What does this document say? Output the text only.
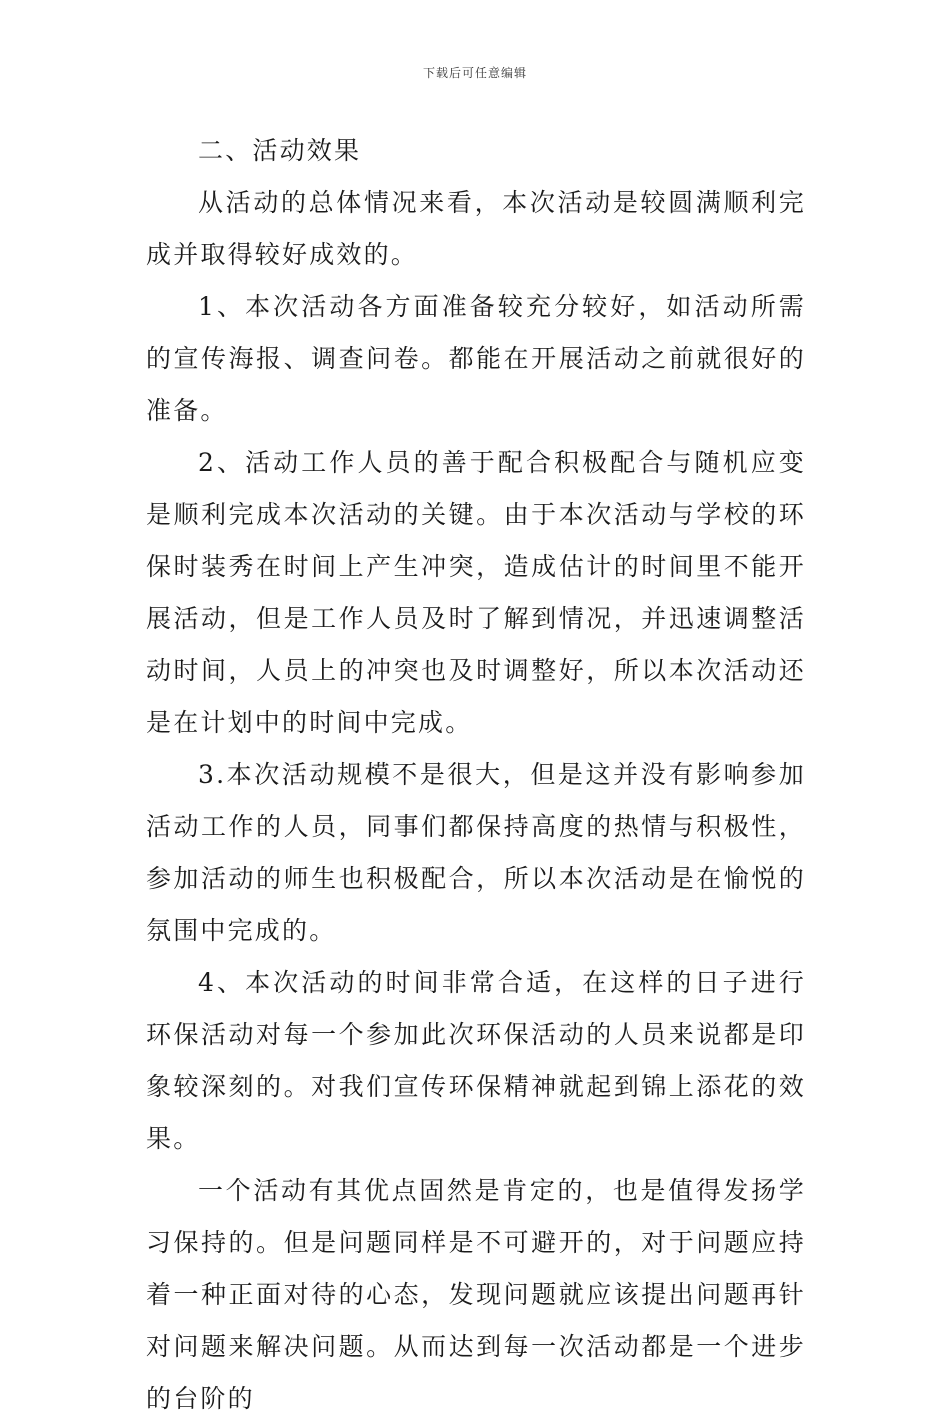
下载后可任意编辑

二、活动效果

从活动的总体情况来看，本次活动是较圆满顺利完成并取得较好成效的。

1、本次活动各方面准备较充分较好，如活动所需的宣传海报、调查问卷。都能在开展活动之前就很好的准备。

2、活动工作人员的善于配合积极配合与随机应变是顺利完成本次活动的关键。由于本次活动与学校的环保时装秀在时间上产生冲突，造成估计的时间里不能开展活动，但是工作人员及时了解到情况，并迅速调整活动时间，人员上的冲突也及时调整好，所以本次活动还是在计划中的时间中完成。

3.本次活动规模不是很大，但是这并没有影响参加活动工作的人员，同事们都保持高度的热情与积极性，参加活动的师生也积极配合，所以本次活动是在愉悦的氛围中完成的。

4、本次活动的时间非常合适，在这样的日子进行环保活动对每一个参加此次环保活动的人员来说都是印象较深刻的。对我们宣传环保精神就起到锦上添花的效果。

一个活动有其优点固然是肯定的，也是值得发扬学习保持的。但是问题同样是不可避开的，对于问题应持着一种正面对待的心态，发现问题就应该提出问题再针对问题来解决问题。从而达到每一次活动都是一个进步的台阶的
